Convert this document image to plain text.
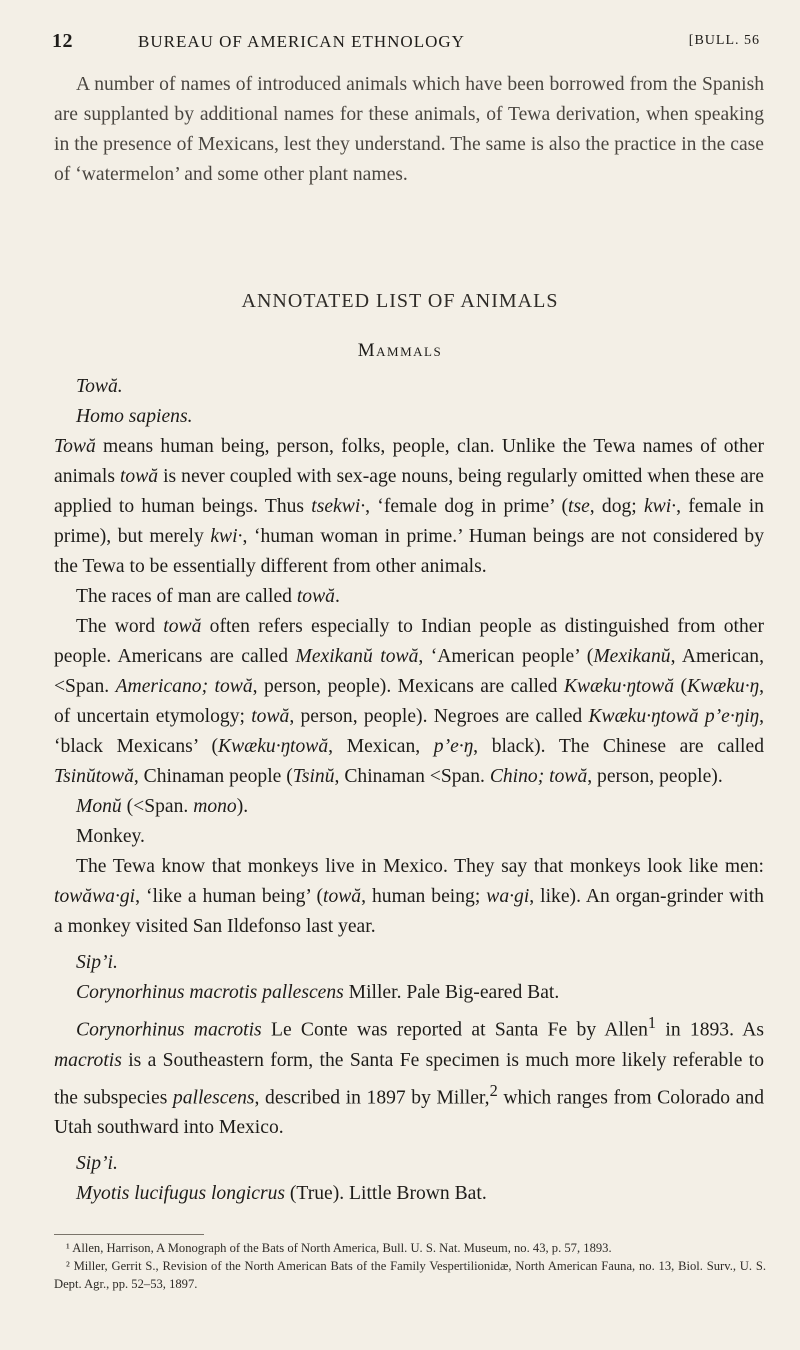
12	BUREAU OF AMERICAN ETHNOLOGY	[BULL. 56
A number of names of introduced animals which have been borrowed from the Spanish are supplanted by additional names for these animals, of Tewa derivation, when speaking in the presence of Mexicans, lest they understand. The same is also the practice in the case of ‘watermelon’ and some other plant names.
ANNOTATED LIST OF ANIMALS
Mammals

Towă.

Homo sapiens.

Towă means human being, person, folks, people, clan. Unlike the Tewa names of other animals towă is never coupled with sex-age nouns, being regularly omitted when these are applied to human beings. Thus tsekwi·, ‘female dog in prime’ (tse, dog; kwi·, female in prime), but merely kwi·, ‘human woman in prime.’ Human beings are not considered by the Tewa to be essentially different from other animals.

The races of man are called towă.

The word towă often refers especially to Indian people as distinguished from other people. Americans are called Mexikanŭ towă, ‘American people’ (Mexikanŭ, American, <Span. Americano; towă, person, people). Mexicans are called Kwæku·ŋtowă (Kwæku·ŋ, of uncertain etymology; towă, person, people). Negroes are called Kwæku·ŋtowă p’e·ŋiŋ, ‘black Mexicans’ (Kwæku·ŋtowă, Mexican, p’e·ŋ, black). The Chinese are called Tsinŭtowă, Chinaman people (Tsinŭ, Chinaman <Span. Chino; towă, person, people).

Monŭ (<Span. mono).

Monkey.

The Tewa know that monkeys live in Mexico. They say that monkeys look like men: towăwa·gi, ‘like a human being’ (towă, human being; wa·gi, like). An organ-grinder with a monkey visited San Ildefonso last year.

Sip’i.

Corynorhinus macrotis pallescens Miller. Pale Big-eared Bat.

Corynorhinus macrotis Le Conte was reported at Santa Fe by Allen$^1$ in 1893. As macrotis is a Southeastern form, the Santa Fe specimen is much more likely referable to the subspecies pallescens, described in 1897 by Miller,$^2$ which ranges from Colorado and Utah southward into Mexico.

Sip’i.

Myotis lucifugus longicrus (True). Little Brown Bat.

¹ Allen, Harrison, A Monograph of the Bats of North America, Bull. U. S. Nat. Museum, no. 43, p. 57, 1893.

² Miller, Gerrit S., Revision of the North American Bats of the Family Vespertilionidæ, North American Fauna, no. 13, Biol. Surv., U. S. Dept. Agr., pp. 52–53, 1897.
